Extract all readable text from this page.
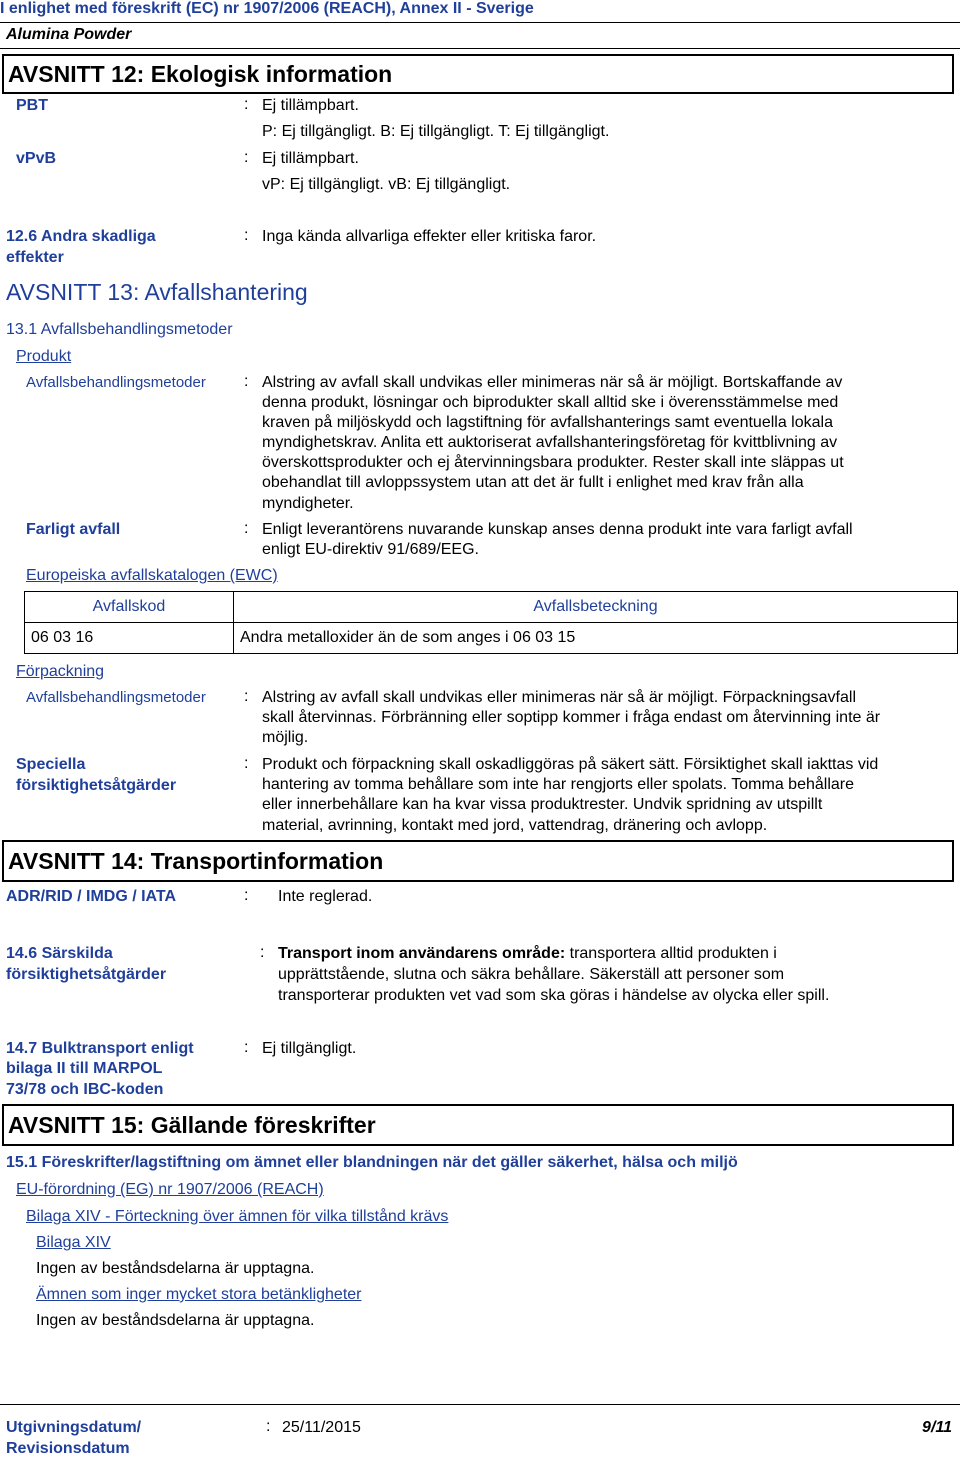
I enlighet med föreskrift (EC) nr 1907/2006 (REACH), Annex II - Sverige
Alumina Powder
AVSNITT 12: Ekologisk information
PBT	: Ej tillämpbart.
P: Ej tillgängligt. B: Ej tillgängligt. T: Ej tillgängligt.
vPvB	: Ej tillämpbart.
vP: Ej tillgängligt. vB: Ej tillgängligt.
12.6 Andra skadliga
effekter
: Inga kända allvarliga effekter eller kritiska faror.
AVSNITT 13: Avfallshantering
13.1 Avfallsbehandlingsmetoder
Produkt
Avfallsbehandlingsmetoder : Alstring av avfall skall undvikas eller minimeras när så är möjligt. Bortskaffande av
denna produkt, lösningar och biprodukter skall alltid ske i överensstämmelse med
kraven på miljöskydd och lagstiftning för avfallshanterings samt eventuella lokala
myndighetskrav. Anlita ett auktoriserat avfallshanteringsföretag för kvittblivning av
överskottsprodukter och ej återvinningsbara produkter. Rester skall inte släppas ut
obehandlat till avloppssystem utan att det är fullt i enlighet med krav från alla
myndigheter.
Farligt avfall	: Enligt leverantörens nuvarande kunskap anses denna produkt inte vara farligt avfall
enligt EU-direktiv 91/689/EEG.
Europeiska avfallskatalogen (EWC)
Avfallskod	Avfallsbeteckning
06 03 16	Andra metalloxider än de som anges i 06 03 15
Förpackning
Avfallsbehandlingsmetoder : Alstring av avfall skall undvikas eller minimeras när så är möjligt. Förpackningsavfall
skall återvinnas. Förbränning eller soptipp kommer i fråga endast om återvinning inte är
möjlig.
Speciella
försiktighetsåtgärder
: Produkt och förpackning skall oskadliggöras på säkert sätt. Försiktighet skall iakttas vid
hantering av tomma behållare som inte har rengjorts eller spolats. Tomma behållare
eller innerbehållare kan ha kvar vissa produktrester. Undvik spridning av utspillt
material, avrinning, kontakt med jord, vattendrag, dränering och avlopp.
AVSNITT 14: Transportinformation
ADR/RID / IMDG / IATA	: Inte reglerad.
14.6 Särskilda
försiktighetsåtgärder
: Transport inom användarens område: transportera alltid produkten i
upprättstående, slutna och säkra behållare. Säkerställ att personer som
transporterar produkten vet vad som ska göras i händelse av olycka eller spill.
14.7 Bulktransport enligt
bilaga II till MARPOL
73/78 och IBC-koden
: Ej tillgängligt.
AVSNITT 15: Gällande föreskrifter
15.1 Föreskrifter/lagstiftning om ämnet eller blandningen när det gäller säkerhet, hälsa och miljö
EU-förordning (EG) nr 1907/2006 (REACH)
Bilaga XIV - Förteckning över ämnen för vilka tillstånd krävs
Bilaga XIV
Ingen av beståndsdelarna är upptagna.
Ämnen som inger mycket stora betänkligheter
Ingen av beståndsdelarna är upptagna.
Utgivningsdatum/
Revisionsdatum
: 25/11/2015	9/11
